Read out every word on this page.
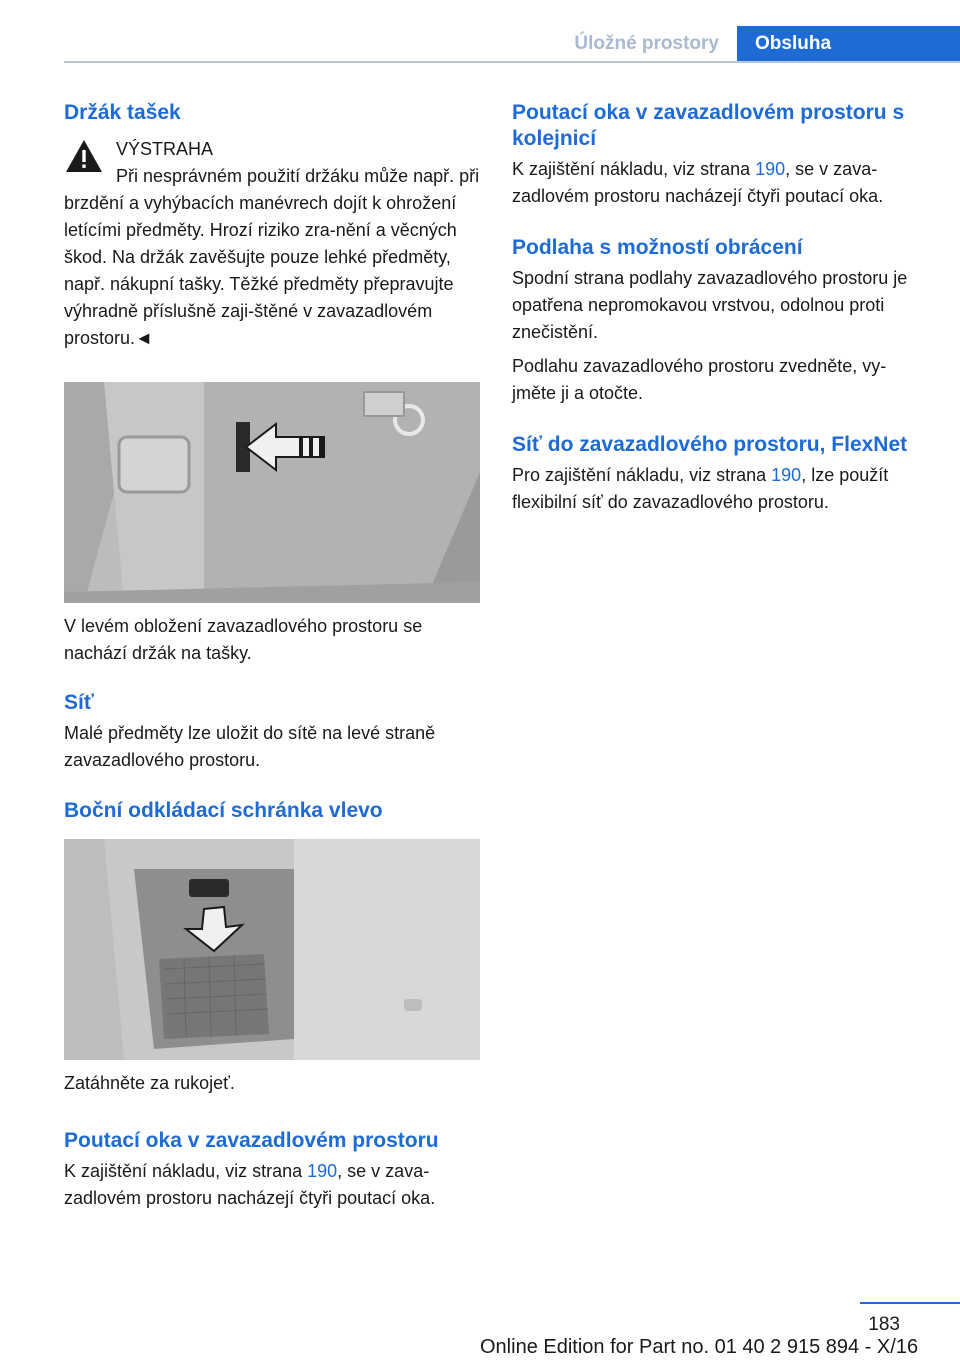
Úložné prostory	Obsluha
Držák tašek
VÝSTRAHA
Při nesprávném použití držáku může např. při brzdění a vyhýbacích manévrech dojít k ohrožení letícími předměty. Hrozí riziko zra‐nění a věcných škod. Na držák zavěšujte pouze lehké předměty, např. nákupní tašky. Těžké předměty přepravujte výhradně příslušně zaji‐štěné v zavazadlovém prostoru.◄

V levém obložení zavazadlového prostoru se nachází držák na tašky.

Síť

Malé předměty lze uložit do sítě na levé straně zavazadlového prostoru.

Boční odkládací schránka vlevo

Zatáhněte za rukojeť.

Poutací oka v zavazadlovém prostoru

K zajištění nákladu, viz strana 190, se v zava‐zadlovém prostoru nacházejí čtyři poutací oka.

Poutací oka v zavazadlovém prostoru s kolejnicí

K zajištění nákladu, viz strana 190, se v zava‐zadlovém prostoru nacházejí čtyři poutací oka.

Podlaha s možností obrácení

Spodní strana podlahy zavazadlového prostoru je opatřena nepromokavou vrstvou, odolnou proti znečistění.

Podlahu zavazadlového prostoru zvedněte, vy‐jměte ji a otočte.

Síť do zavazadlového prostoru, FlexNet

Pro zajištění nákladu, viz strana 190, lze použít flexibilní síť do zavazadlového prostoru.

183
Online Edition for Part no. 01 40 2 915 894 - X/16
